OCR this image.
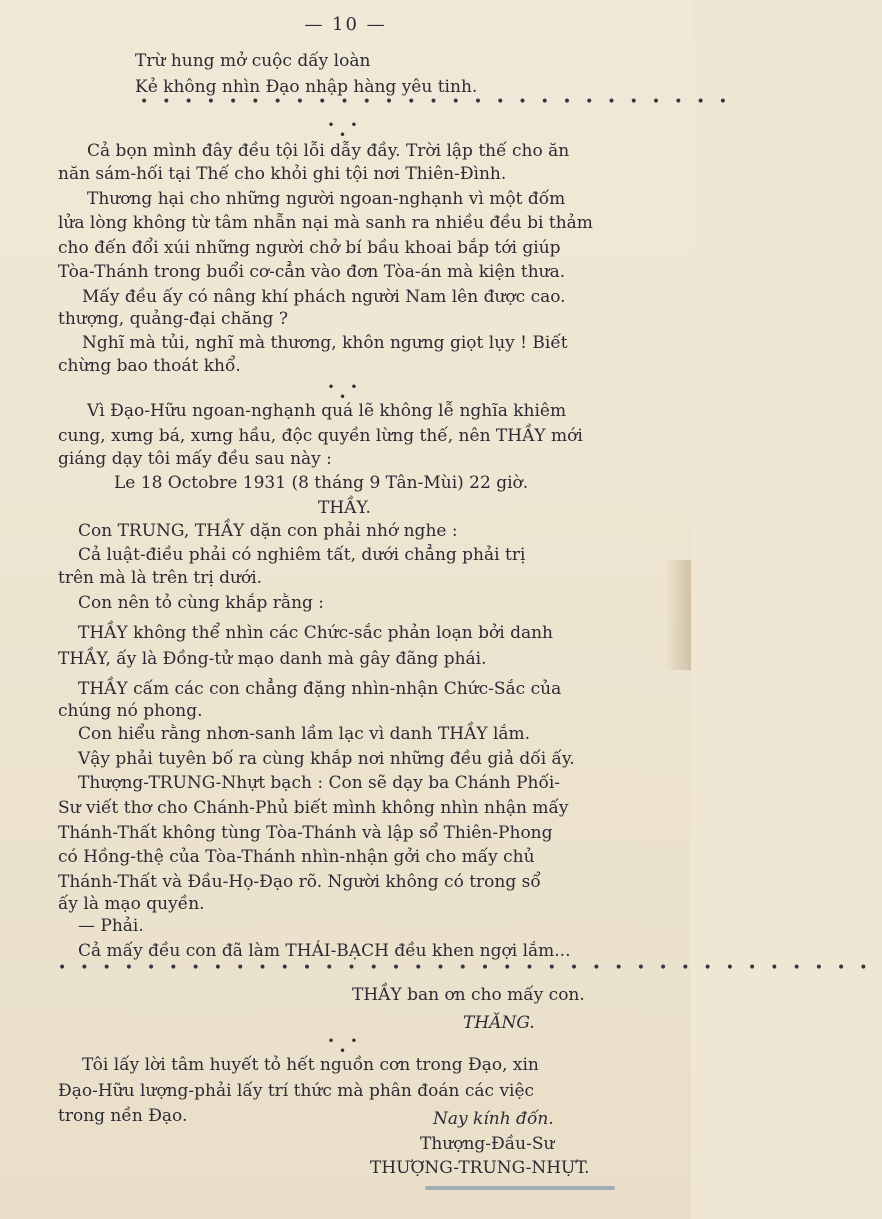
— 10 —
Trừ hung mở cuộc dấy loàn
Kẻ không nhìn Đạo nhập hàng yêu tinh.
•••••••••••••••••••••••••••
• •
•
Cả bọn mình đây đều tội lỗi dẫy đầy. Trời lập thế cho ăn
năn sám-hối tại Thế cho khỏi ghi tội nơi Thiên-Đình.
Thương hại cho những người ngoan-nghạnh vì một đốm
lửa lòng không từ tâm nhẫn nại mà sanh ra nhiều đều bi thảm
cho đến đổi xúi những người chở bí bầu khoai bắp tới giúp
Tòa-Thánh trong buổi cơ-cẳn vào đơn Tòa-án mà kiện thưa.
Mấy đều ấy có nâng khí phách người Nam lên được cao.
thượng, quảng-đại chăng ?
Nghĩ mà tủi, nghĩ mà thương, khôn ngưng giọt lụy ! Biết
chừng bao thoát khổ.
• •
•
Vì Đạo-Hữu ngoan-nghạnh quá lẽ không lễ nghĩa khiêm
cung, xưng bá, xưng hầu, độc quyền lừng thế, nên THẦY mới
giáng dạy tôi mấy đều sau này :
Le 18 Octobre 1931 (8 tháng 9 Tân-Mùi) 22 giờ.
THẦY.
Con TRUNG, THẦY dặn con phải nhớ nghe :
Cả luật-điều phải có nghiêm tất, dưới chẳng phải trị
trên mà là trên trị dưới.
Con nên tỏ cùng khắp rằng :
THẦY không thể nhìn các Chức-sắc phản loạn bởi danh
THẦY, ấy là Đồng-tử mạo danh mà gây đãng phái.
THẦY cấm các con chẳng đặng nhìn-nhận Chức-Sắc của
chúng nó phong.
Con hiểu rằng nhơn-sanh lầm lạc vì danh THẦY lắm.
Vậy phải tuyên bố ra cùng khắp nơi những đều giả dối ấy.
Thượng-TRUNG-Nhựt bạch : Con sẽ dạy ba Chánh Phối-
Sư viết thơ cho Chánh-Phủ biết mình không nhìn nhận mấy
Thánh-Thất không tùng Tòa-Thánh và lập sổ Thiên-Phong
có Hồng-thệ của Tòa-Thánh nhìn-nhận gởi cho mấy chủ
Thánh-Thất và Đầu-Họ-Đạo rõ. Người không có trong sổ
ấy là mạo quyền.
— Phải.
Cả mấy đều con đã làm THÁI-BẠCH đều khen ngợi lắm...
•••••••••••••••••••••••••••••••••••••
THẦY ban ơn cho mấy con.
THĂNG.
• •
•
Tôi lấy lời tâm huyết tỏ hết nguồn cơn trong Đạo, xin
Đạo-Hữu lượng-phải lấy trí thức mà phân đoán các việc
trong nền Đạo.	Nay kính đốn.
Thượng-Đầu-Sư
THƯỢNG-TRUNG-NHỰT.
